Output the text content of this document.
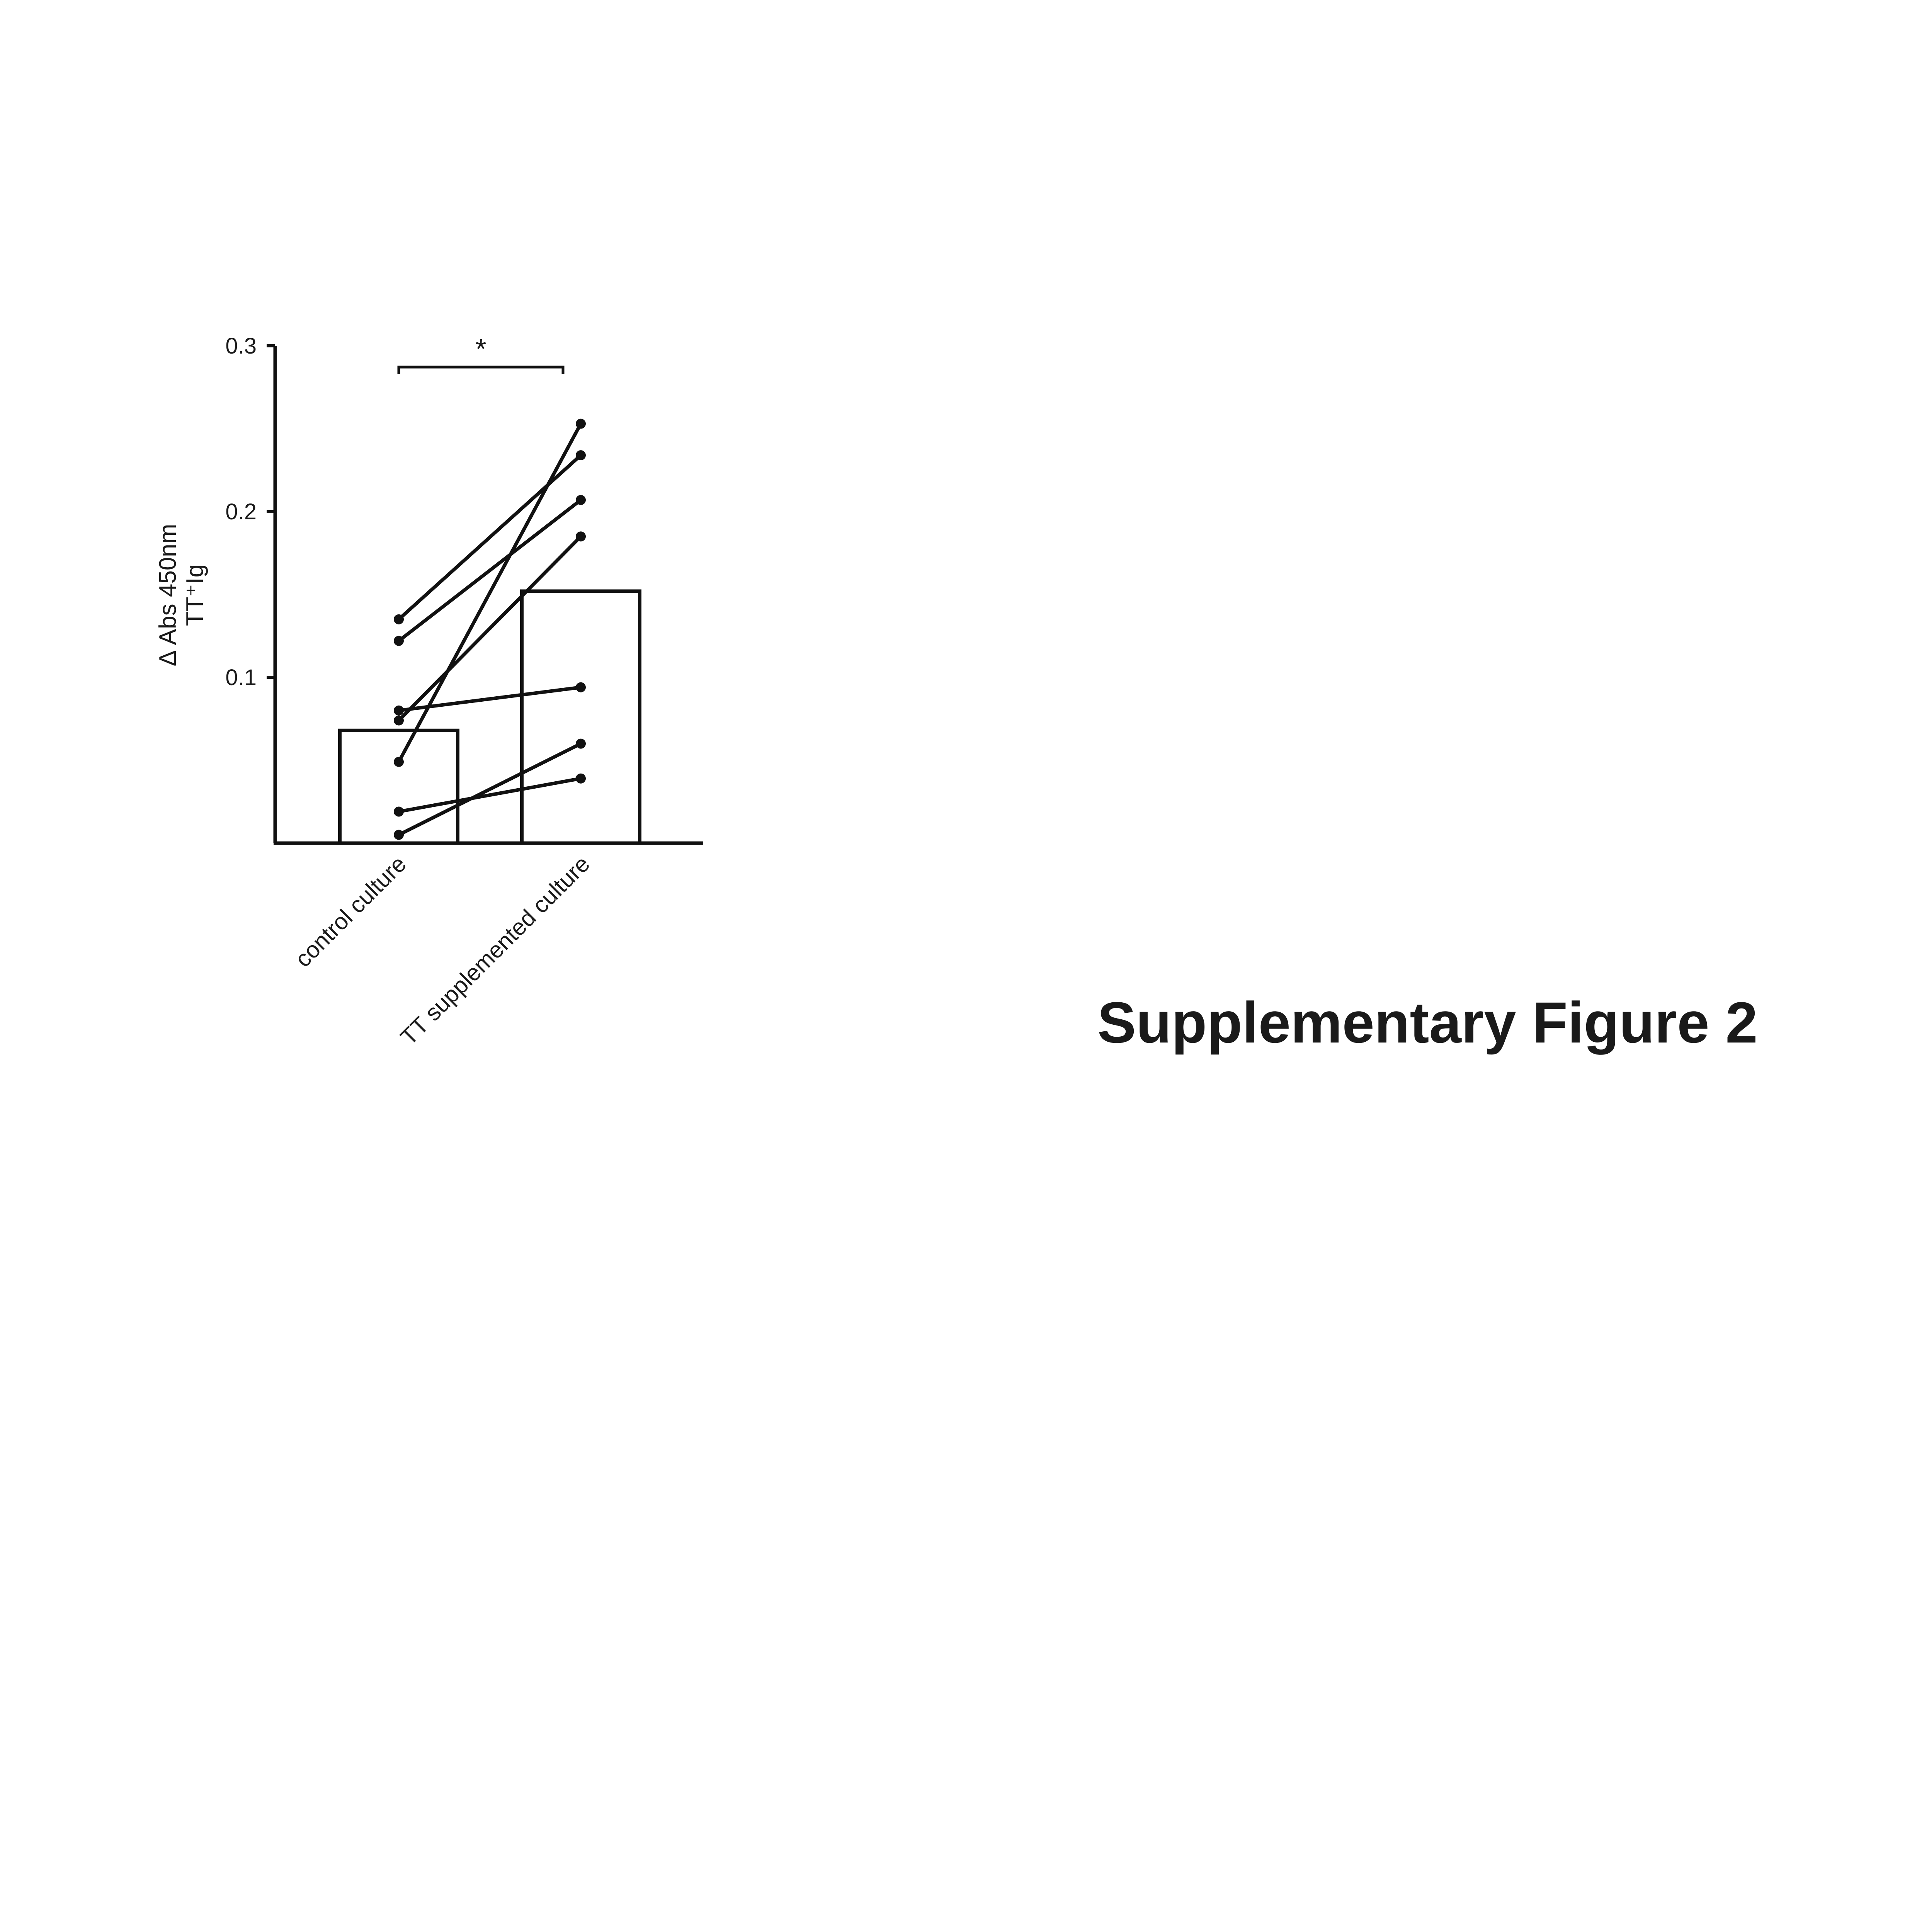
0.1
0.2
0.3
Δ Abs 450nm TT⁺Ig
*
control culture
TT supplemented culture	Supplementary Figure 2
